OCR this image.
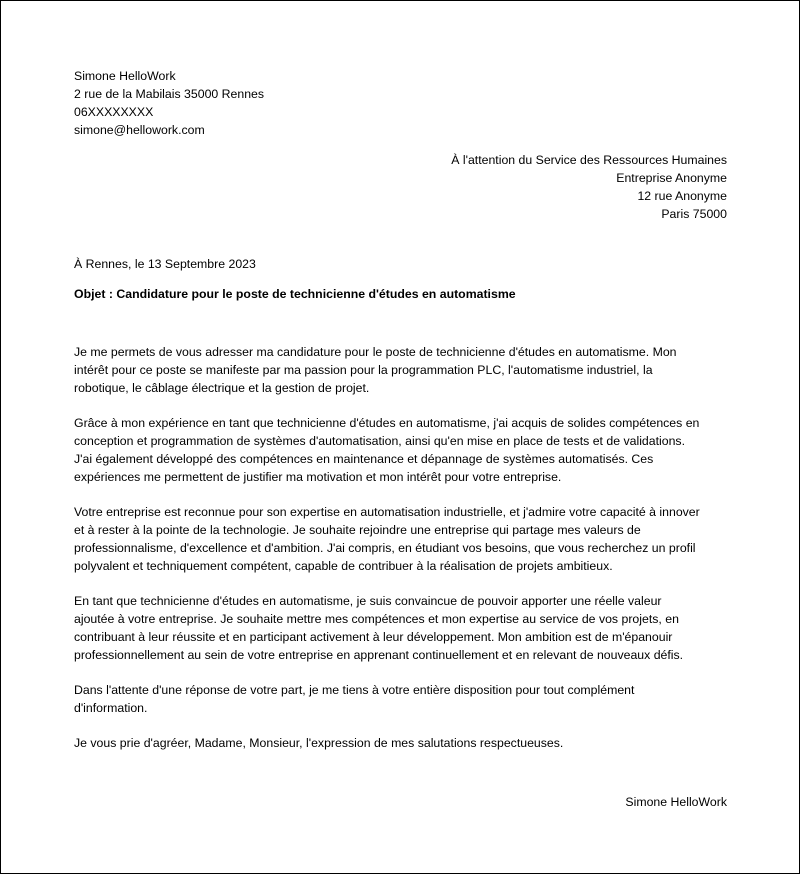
Simone HelloWork
2 rue de la Mabilais 35000 Rennes
06XXXXXXXX
simone@hellowork.com
À l'attention du Service des Ressources Humaines
Entreprise Anonyme
12 rue Anonyme
Paris 75000
À Rennes, le 13 Septembre 2023
Objet : Candidature pour le poste de technicienne d'études en automatisme
Je me permets de vous adresser ma candidature pour le poste de technicienne d'études en automatisme. Mon
intérêt pour ce poste se manifeste par ma passion pour la programmation PLC, l'automatisme industriel, la
robotique, le câblage électrique et la gestion de projet.
Grâce à mon expérience en tant que technicienne d'études en automatisme, j'ai acquis de solides compétences en
conception et programmation de systèmes d'automatisation, ainsi qu'en mise en place de tests et de validations.
J'ai également développé des compétences en maintenance et dépannage de systèmes automatisés. Ces
expériences me permettent de justifier ma motivation et mon intérêt pour votre entreprise.
Votre entreprise est reconnue pour son expertise en automatisation industrielle, et j'admire votre capacité à innover
et à rester à la pointe de la technologie. Je souhaite rejoindre une entreprise qui partage mes valeurs de
professionnalisme, d'excellence et d'ambition. J'ai compris, en étudiant vos besoins, que vous recherchez un profil
polyvalent et techniquement compétent, capable de contribuer à la réalisation de projets ambitieux.
En tant que technicienne d'études en automatisme, je suis convaincue de pouvoir apporter une réelle valeur
ajoutée à votre entreprise. Je souhaite mettre mes compétences et mon expertise au service de vos projets, en
contribuant à leur réussite et en participant activement à leur développement. Mon ambition est de m'épanouir
professionnellement au sein de votre entreprise en apprenant continuellement et en relevant de nouveaux défis.
Dans l'attente d'une réponse de votre part, je me tiens à votre entière disposition pour tout complément
d'information.
Je vous prie d'agréer, Madame, Monsieur, l'expression de mes salutations respectueuses.
Simone HelloWork
